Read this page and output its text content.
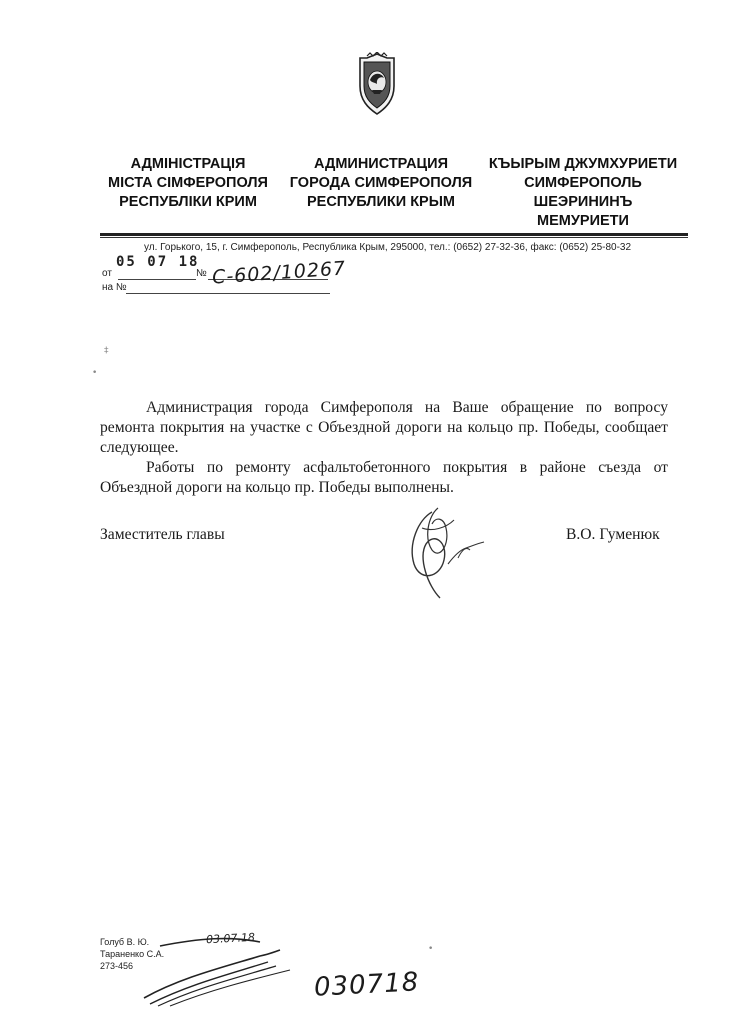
АДМІНІСТРАЦІЯ
МІСТА СІМФЕРОПОЛЯ
РЕСПУБЛІКИ КРИМ
АДМИНИСТРАЦИЯ
ГОРОДА СИМФЕРОПОЛЯ
РЕСПУБЛИКИ КРЫМ
КЪЫРЫМ ДЖУМХУРИЕТИ
СИМФЕРОПОЛЬ
ШЕЭРИНИНЪ
МЕМУРИЕТИ
ул. Горького, 15, г. Симферополь, Республика Крым, 295000, тел.: (0652) 27-32-36, факс: (0652) 25-80-32
05 07 18
от	№ С-602/10267
на №
‡
•

Администрация города Симферополя на Ваше обращение по вопросу ремонта покрытия на участке с Объездной дороги на кольцо пр. Победы, сообщает следующее.

Работы по ремонту асфальтобетонного покрытия в районе съезда от Объездной дороги на кольцо пр. Победы выполнены.

Заместитель главы	В.О. Гуменюк
Голуб В. Ю.
Тараненко С.А.
273-456
03.07.18
030718
•
